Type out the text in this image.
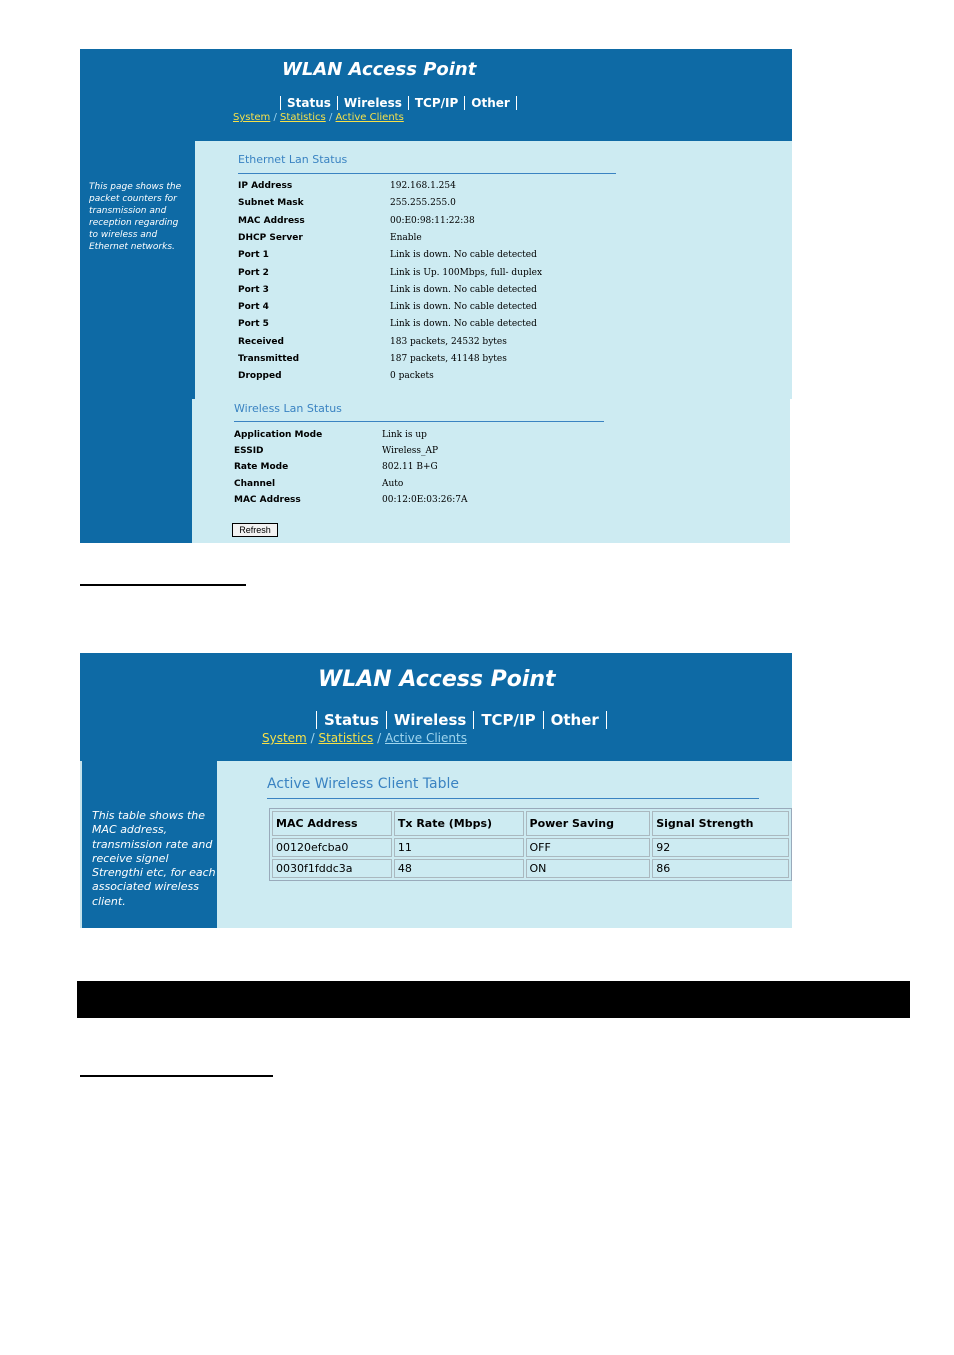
WLAN Access Point
Status	Wireless	TCP/IP	Other
System / Statistics / Active Clients
This page shows the packet counters for transmission and reception regarding to wireless and Ethernet networks.
Ethernet Lan Status
IP Address	192.168.1.254
Subnet Mask	255.255.255.0
MAC Address	00:E0:98:11:22:38
DHCP Server	Enable
Port 1	Link is down. No cable detected
Port 2	Link is Up. 100Mbps, full- duplex
Port 3	Link is down. No cable detected
Port 4	Link is down. No cable detected
Port 5	Link is down. No cable detected
Received	183 packets, 24532 bytes
Transmitted	187 packets, 41148 bytes
Dropped	0 packets
Wireless Lan Status
Application Mode	Link is up
ESSID	Wireless_AP
Rate Mode	802.11 B+G
Channel	Auto
MAC Address	00:12:0E:03:26:7A
Refresh
WLAN Access Point
Status	Wireless	TCP/IP	Other
System / Statistics / Active Clients
This table shows the MAC address, transmission rate and receive signel Strengthi etc, for each associated wireless client.
Active Wireless Client Table
MAC Address	Tx Rate (Mbps)	Power Saving	Signal Strength
00120efcba0	11	OFF	92
0030f1fddc3a	48	ON	86
